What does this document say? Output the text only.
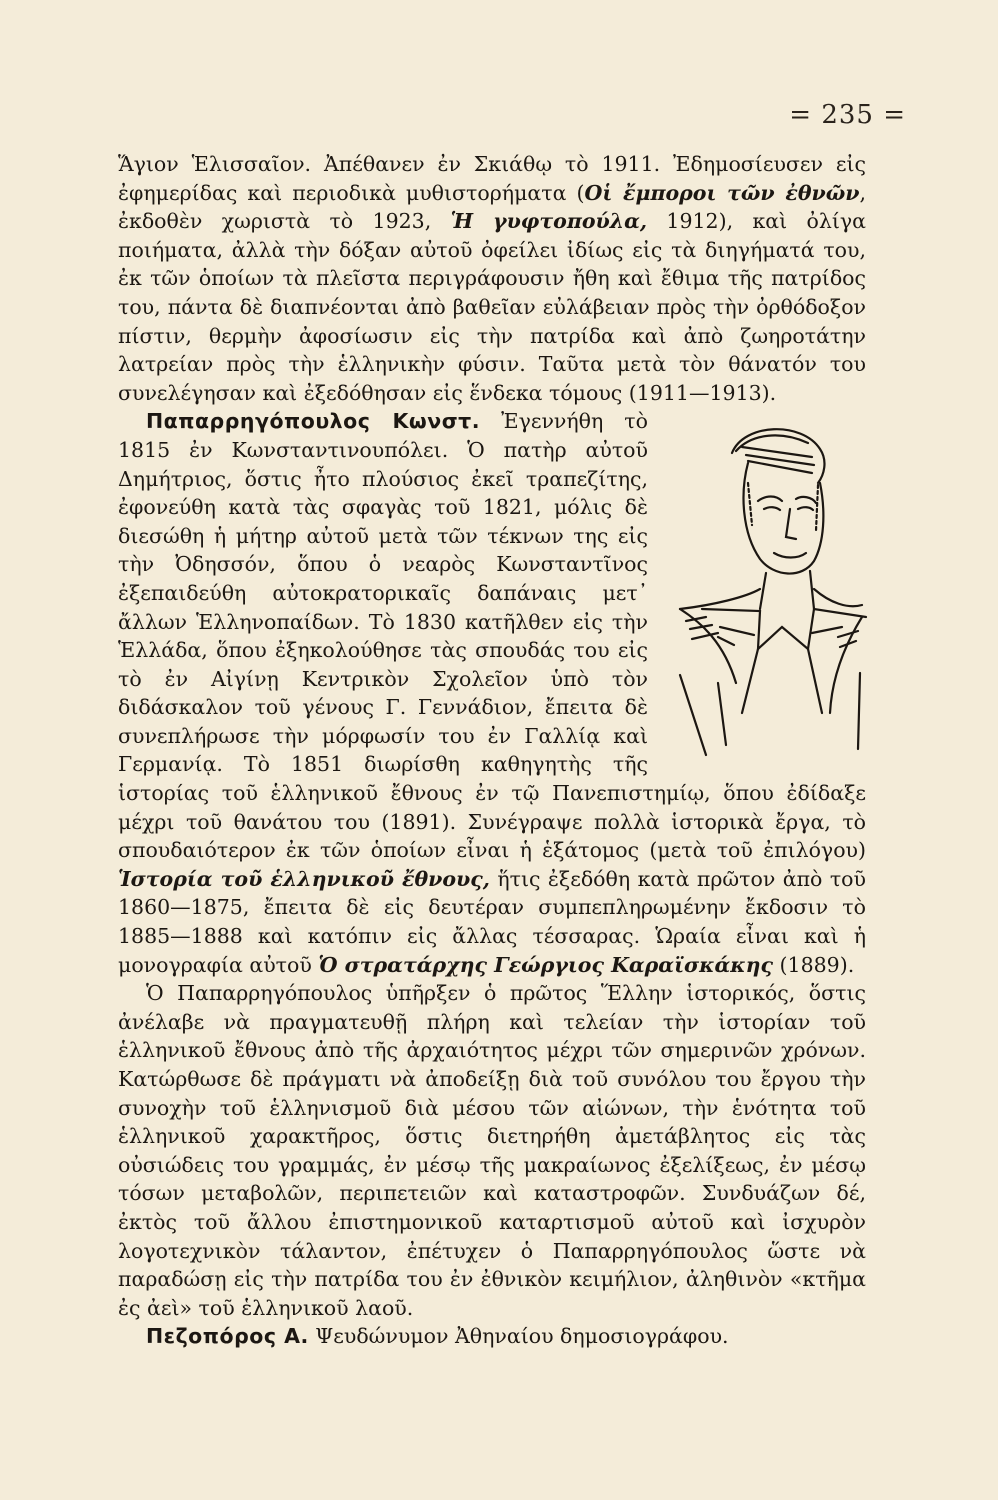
= 235 =

Ἅγιον Ἑλισσαῖον. Ἀπέθανεν ἐν Σκιάθῳ τὸ 1911. Ἐδημοσίευσεν εἰς ἐφημερίδας καὶ περιοδικὰ μυθιστορήματα (Οἱ ἔμποροι τῶν ἐθνῶν, ἐκδοθὲν χωριστὰ τὸ 1923, Ἡ γυφτοπούλα, 1912), καὶ ὀλίγα ποιήματα, ἀλλὰ τὴν δόξαν αὐτοῦ ὀφείλει ἰδίως εἰς τὰ διηγήματά του, ἐκ τῶν ὁποίων τὰ πλεῖστα περιγράφουσιν ἤθη καὶ ἔθιμα τῆς πατρίδος του, πάντα δὲ διαπνέονται ἀπὸ βαθεῖαν εὐλάβειαν πρὸς τὴν ὀρθόδοξον πίστιν, θερμὴν ἀφοσίωσιν εἰς τὴν πατρίδα καὶ ἀπὸ ζωηροτάτην λατρείαν πρὸς τὴν ἑλληνικὴν φύσιν. Ταῦτα μετὰ τὸν θάνατόν του συνελέγησαν καὶ ἐξεδόθησαν εἰς ἕνδεκα τόμους (1911—1913).

Παπαρρηγόπουλος Κωνστ. Ἐγεννήθη τὸ 1815 ἐν Κωνσταντινουπόλει. Ὁ πατὴρ αὐτοῦ Δημήτριος, ὅστις ἦτο πλούσιος ἐκεῖ τραπεζίτης, ἐφονεύθη κατὰ τὰς σφαγὰς τοῦ 1821, μόλις δὲ διεσώθη ἡ μήτηρ αὐτοῦ μετὰ τῶν τέκνων της εἰς τὴν Ὀδησσόν, ὅπου ὁ νεαρὸς Κωνσταντῖνος ἐξεπαιδεύθη αὐτοκρατορικαῖς δαπάναις μετ᾿ ἄλλων Ἑλληνοπαίδων. Τὸ 1830 κατῆλθεν εἰς τὴν Ἑλλάδα, ὅπου ἐξηκολούθησε τὰς σπουδάς του εἰς τὸ ἐν Αἰγίνῃ Κεντρικὸν Σχολεῖον ὑπὸ τὸν διδάσκαλον τοῦ γένους Γ. Γεννάδιον, ἔπειτα δὲ συνεπλήρωσε τὴν μόρφωσίν του ἐν Γαλλίᾳ καὶ Γερμανίᾳ. Τὸ 1851 διωρίσθη καθηγητὴς τῆς ἱστορίας τοῦ ἑλληνικοῦ ἔθνους ἐν τῷ Πανεπιστημίῳ, ὅπου ἐδίδαξε μέχρι τοῦ θανάτου του (1891). Συνέγραψε πολλὰ ἱστορικὰ ἔργα, τὸ σπουδαιότερον ἐκ τῶν ὁποίων εἶναι ἡ ἑξάτομος (μετὰ τοῦ ἐπιλόγου) Ἱστορία τοῦ ἑλληνικοῦ ἔθνους, ἥτις ἐξεδόθη κατὰ πρῶτον ἀπὸ τοῦ 1860—1875, ἔπειτα δὲ εἰς δευτέραν συμπεπληρωμένην ἔκδοσιν τὸ 1885—1888 καὶ κατόπιν εἰς ἄλλας τέσσαρας. Ὡραία εἶναι καὶ ἡ μονογραφία αὐτοῦ Ὁ στρατάρχης Γεώργιος Καραϊσκάκης (1889).

Ὁ Παπαρρηγόπουλος ὑπῆρξεν ὁ πρῶτος Ἕλλην ἱστορικός, ὅστις ἀνέλαβε νὰ πραγματευθῇ πλήρη καὶ τελείαν τὴν ἱστορίαν τοῦ ἑλληνικοῦ ἔθνους ἀπὸ τῆς ἀρχαιότητος μέχρι τῶν σημερινῶν χρόνων. Κατώρθωσε δὲ πράγματι νὰ ἀποδείξῃ διὰ τοῦ συνόλου του ἔργου τὴν συνοχὴν τοῦ ἑλληνισμοῦ διὰ μέσου τῶν αἰώνων, τὴν ἑνότητα τοῦ ἑλληνικοῦ χαρακτῆρος, ὅστις διετηρήθη ἀμετάβλητος εἰς τὰς οὐσιώδεις του γραμμάς, ἐν μέσῳ τῆς μακραίωνος ἐξελίξεως, ἐν μέσῳ τόσων μεταβολῶν, περιπετειῶν καὶ καταστροφῶν. Συνδυάζων δέ, ἐκτὸς τοῦ ἄλλου ἐπιστημονικοῦ καταρτισμοῦ αὐτοῦ καὶ ἰσχυρὸν λογοτεχνικὸν τάλαντον, ἐπέτυχεν ὁ Παπαρρηγόπουλος ὥστε νὰ παραδώσῃ εἰς τὴν πατρίδα του ἐν ἐθνικὸν κειμήλιον, ἀληθινὸν «κτῆμα ἐς ἀεὶ» τοῦ ἑλληνικοῦ λαοῦ.

Πεζοπόρος Α. Ψευδώνυμον Ἀθηναίου δημοσιογράφου.
